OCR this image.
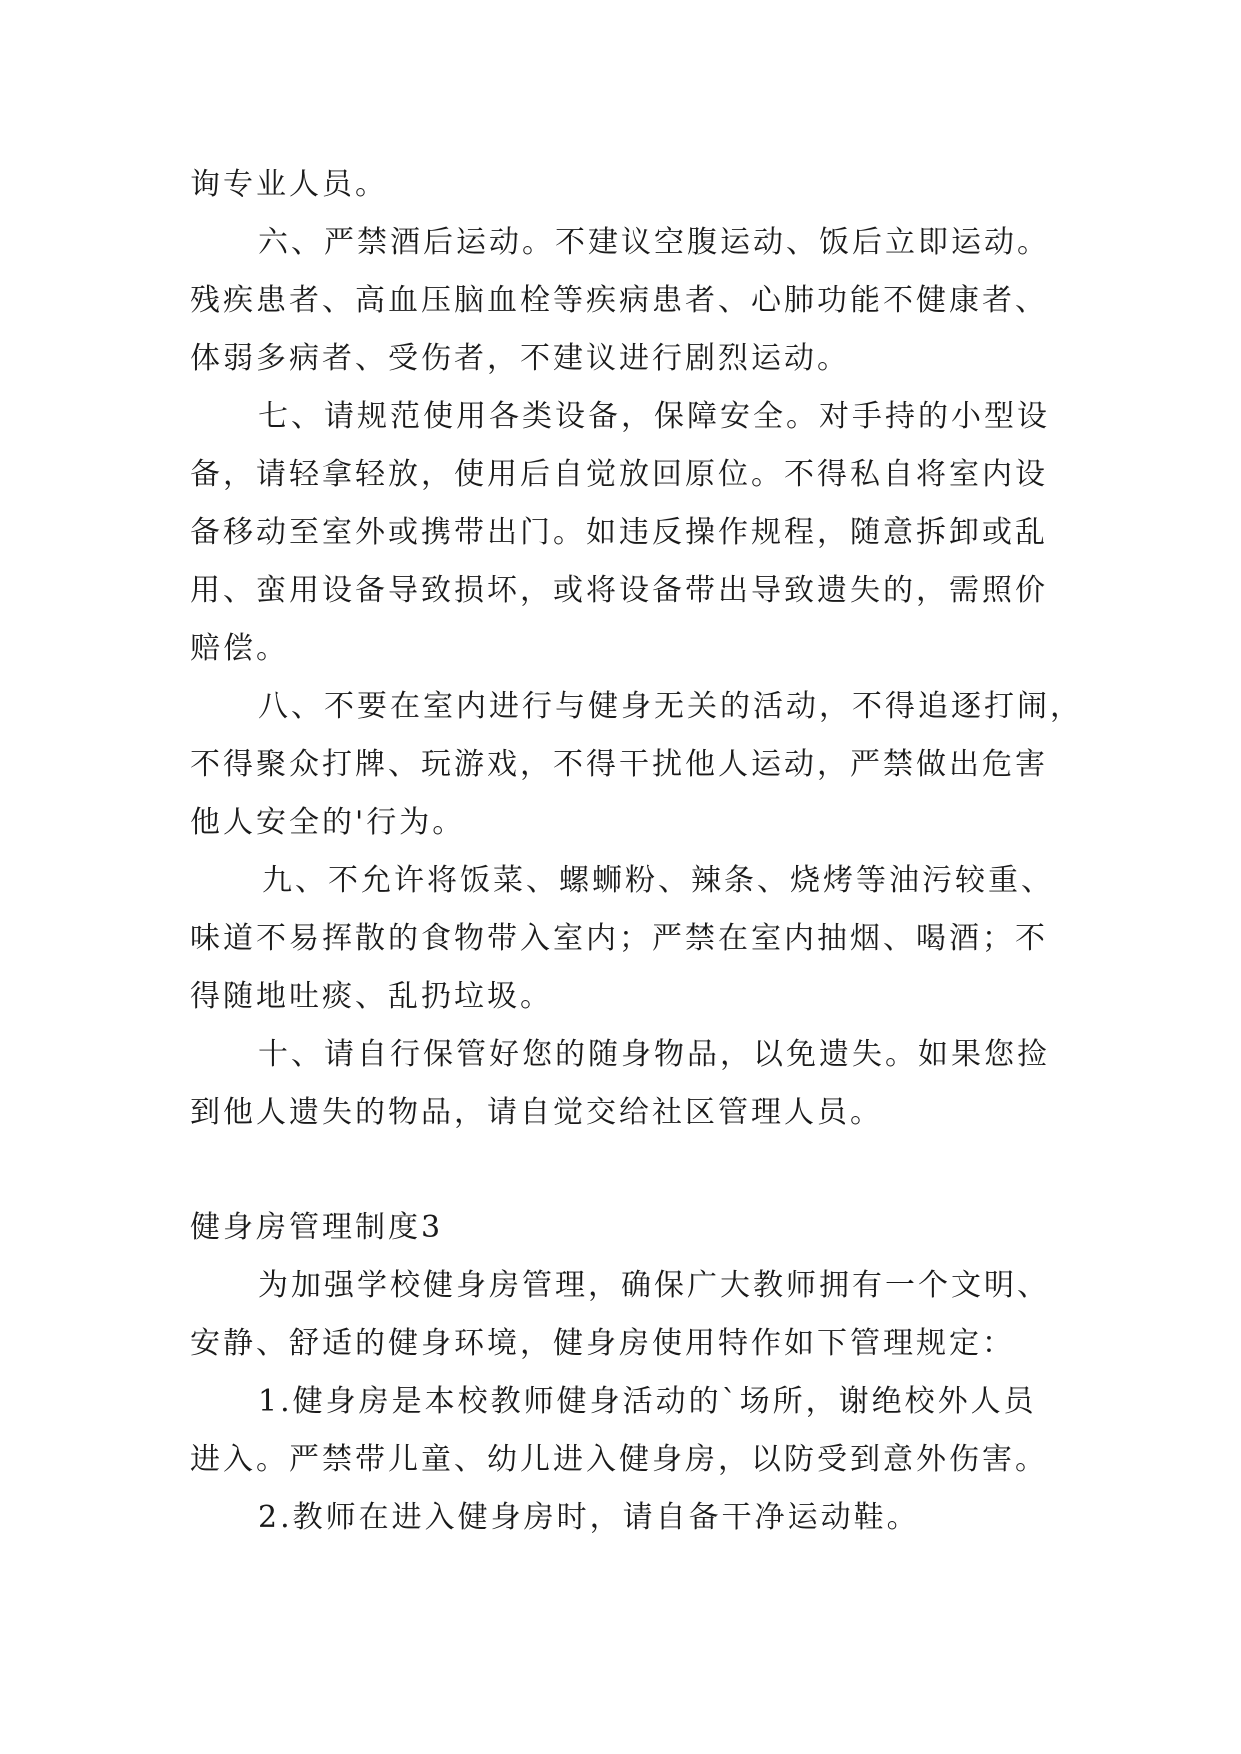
询专业人员。
六、严禁酒后运动。不建议空腹运动、饭后立即运动。
残疾患者、高血压脑血栓等疾病患者、心肺功能不健康者、
体弱多病者、受伤者，不建议进行剧烈运动。
七、请规范使用各类设备，保障安全。对手持的小型设
备，请轻拿轻放，使用后自觉放回原位。不得私自将室内设
备移动至室外或携带出门。如违反操作规程，随意拆卸或乱
用、蛮用设备导致损坏，或将设备带出导致遗失的，需照价
赔偿。
八、不要在室内进行与健身无关的活动，不得追逐打闹，
不得聚众打牌、玩游戏，不得干扰他人运动，严禁做出危害
他人安全的'行为。
九、不允许将饭菜、螺蛳粉、辣条、烧烤等油污较重、
味道不易挥散的食物带入室内；严禁在室内抽烟、喝酒；不
得随地吐痰、乱扔垃圾。
十、请自行保管好您的随身物品，以免遗失。如果您捡
到他人遗失的物品，请自觉交给社区管理人员。
健身房管理制度3
为加强学校健身房管理，确保广大教师拥有一个文明、
安静、舒适的健身环境，健身房使用特作如下管理规定：
1.健身房是本校教师健身活动的`场所，谢绝校外人员
进入。严禁带儿童、幼儿进入健身房，以防受到意外伤害。
2.教师在进入健身房时，请自备干净运动鞋。
